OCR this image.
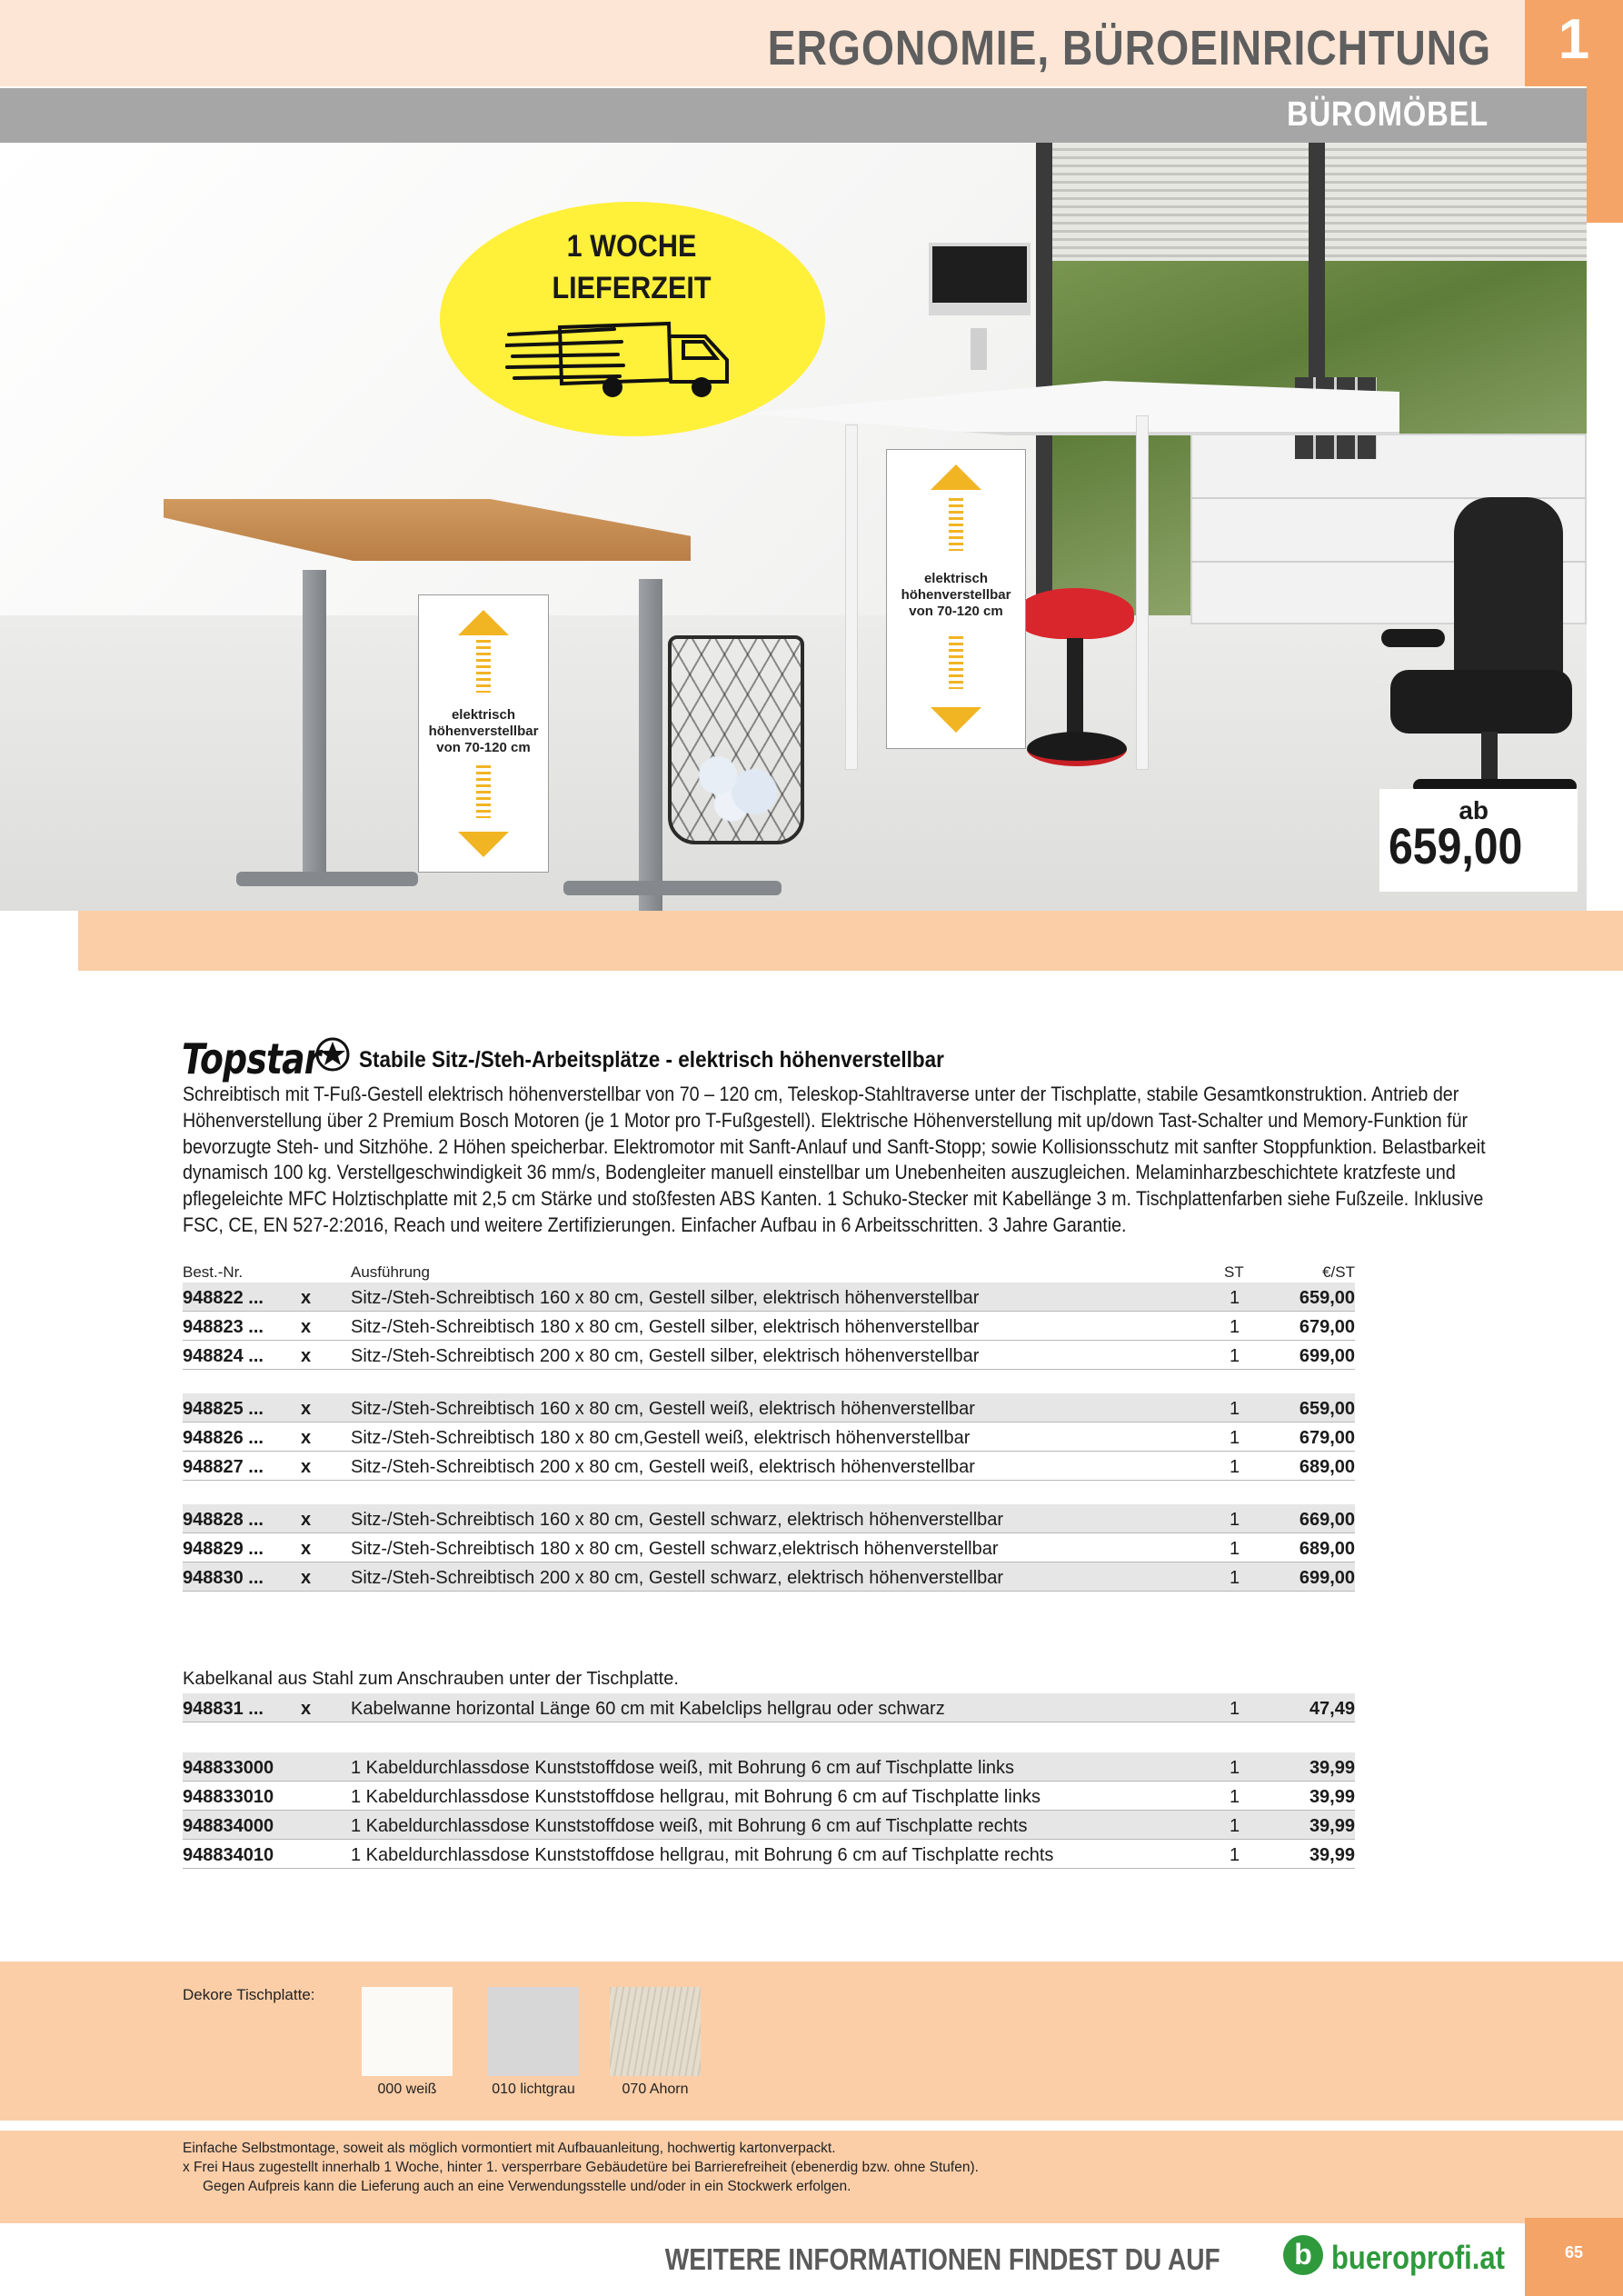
ERGONOMIE, BÜROEINRICHTUNG	1
BÜROMÖBEL
elektrisch
höhenverstellbar
von 70-120 cm
elektrisch
höhenverstellbar
von 70-120 cm
1 WOCHE
LIEFERZEIT
ab
659,00
Topstar Stabile Sitz-/Steh-Arbeitsplätze - elektrisch höhenverstellbar
Schreibtisch mit T-Fuß-Gestell elektrisch höhenverstellbar von 70 – 120 cm, Teleskop-Stahltraverse unter der Tischplatte, stabile Gesamtkonstruktion. Antrieb der Höhenverstellung über 2 Premium Bosch Motoren (je 1 Motor pro T-Fußgestell). Elektrische Höhenverstellung mit up/down Tast-Schalter und Memory-Funktion für bevorzugte Steh- und Sitzhöhe. 2 Höhen speicherbar. Elektromotor mit Sanft-Anlauf und Sanft-Stopp; sowie Kollisionsschutz mit sanfter Stoppfunktion. Belastbarkeit dynamisch 100 kg. Verstellgeschwindigkeit 36 mm/s, Bodengleiter manuell einstellbar um Unebenheiten auszugleichen. Melaminharzbeschichtete kratzfeste und pflegeleichte MFC Holztischplatte mit 2,5 cm Stärke und stoßfesten ABS Kanten. 1 Schuko-Stecker mit Kabellänge 3 m. Tischplattenfarben siehe Fußzeile. Inklusive FSC, CE, EN 527-2:2016, Reach und weitere Zertifizierungen. Einfacher Aufbau in 6 Arbeitsschritten. 3 Jahre Garantie.
Best.-Nr.	Ausführung	ST	€/ST
948822 ... x Sitz-/Steh-Schreibtisch 160 x 80 cm, Gestell silber, elektrisch höhenverstellbar	1	659,00
948823 ... x Sitz-/Steh-Schreibtisch 180 x 80 cm, Gestell silber, elektrisch höhenverstellbar	1	679,00
948824 ... x Sitz-/Steh-Schreibtisch 200 x 80 cm, Gestell silber, elektrisch höhenverstellbar	1	699,00
948825 ... x Sitz-/Steh-Schreibtisch 160 x 80 cm, Gestell weiß, elektrisch höhenverstellbar	1	659,00
948826 ... x Sitz-/Steh-Schreibtisch 180 x 80 cm,Gestell weiß, elektrisch höhenverstellbar	1	679,00
948827 ... x Sitz-/Steh-Schreibtisch 200 x 80 cm, Gestell weiß, elektrisch höhenverstellbar	1	689,00
948828 ... x Sitz-/Steh-Schreibtisch 160 x 80 cm, Gestell schwarz, elektrisch höhenverstellbar	1	669,00
948829 ... x Sitz-/Steh-Schreibtisch 180 x 80 cm, Gestell schwarz,elektrisch höhenverstellbar	1	689,00
948830 ... x Sitz-/Steh-Schreibtisch 200 x 80 cm, Gestell schwarz, elektrisch höhenverstellbar	1	699,00
Kabelkanal aus Stahl zum Anschrauben unter der Tischplatte.
948831 ... x Kabelwanne horizontal Länge 60 cm mit Kabelclips hellgrau oder schwarz	1	47,49
948833000	1 Kabeldurchlassdose Kunststoffdose weiß, mit Bohrung 6 cm auf Tischplatte links	1	39,99
948833010	1 Kabeldurchlassdose Kunststoffdose hellgrau, mit Bohrung 6 cm auf Tischplatte links	1	39,99
948834000	1 Kabeldurchlassdose Kunststoffdose weiß, mit Bohrung 6 cm auf Tischplatte rechts	1	39,99
948834010	1 Kabeldurchlassdose Kunststoffdose hellgrau, mit Bohrung 6 cm auf Tischplatte rechts	1	39,99
Dekore Tischplatte:
000 weiß	010 lichtgrau	070 Ahorn
Einfache Selbstmontage, soweit als möglich vormontiert mit Aufbauanleitung, hochwertig kartonverpackt.
x Frei Haus zugestellt innerhalb 1 Woche, hinter 1. versperrbare Gebäudetüre bei Barrierefreiheit (ebenerdig bzw. ohne Stufen).
Gegen Aufpreis kann die Lieferung auch an eine Verwendungsstelle und/oder in ein Stockwerk erfolgen.
WEITERE INFORMATIONEN FINDEST DU AUF	b bueroprofi.at	65
